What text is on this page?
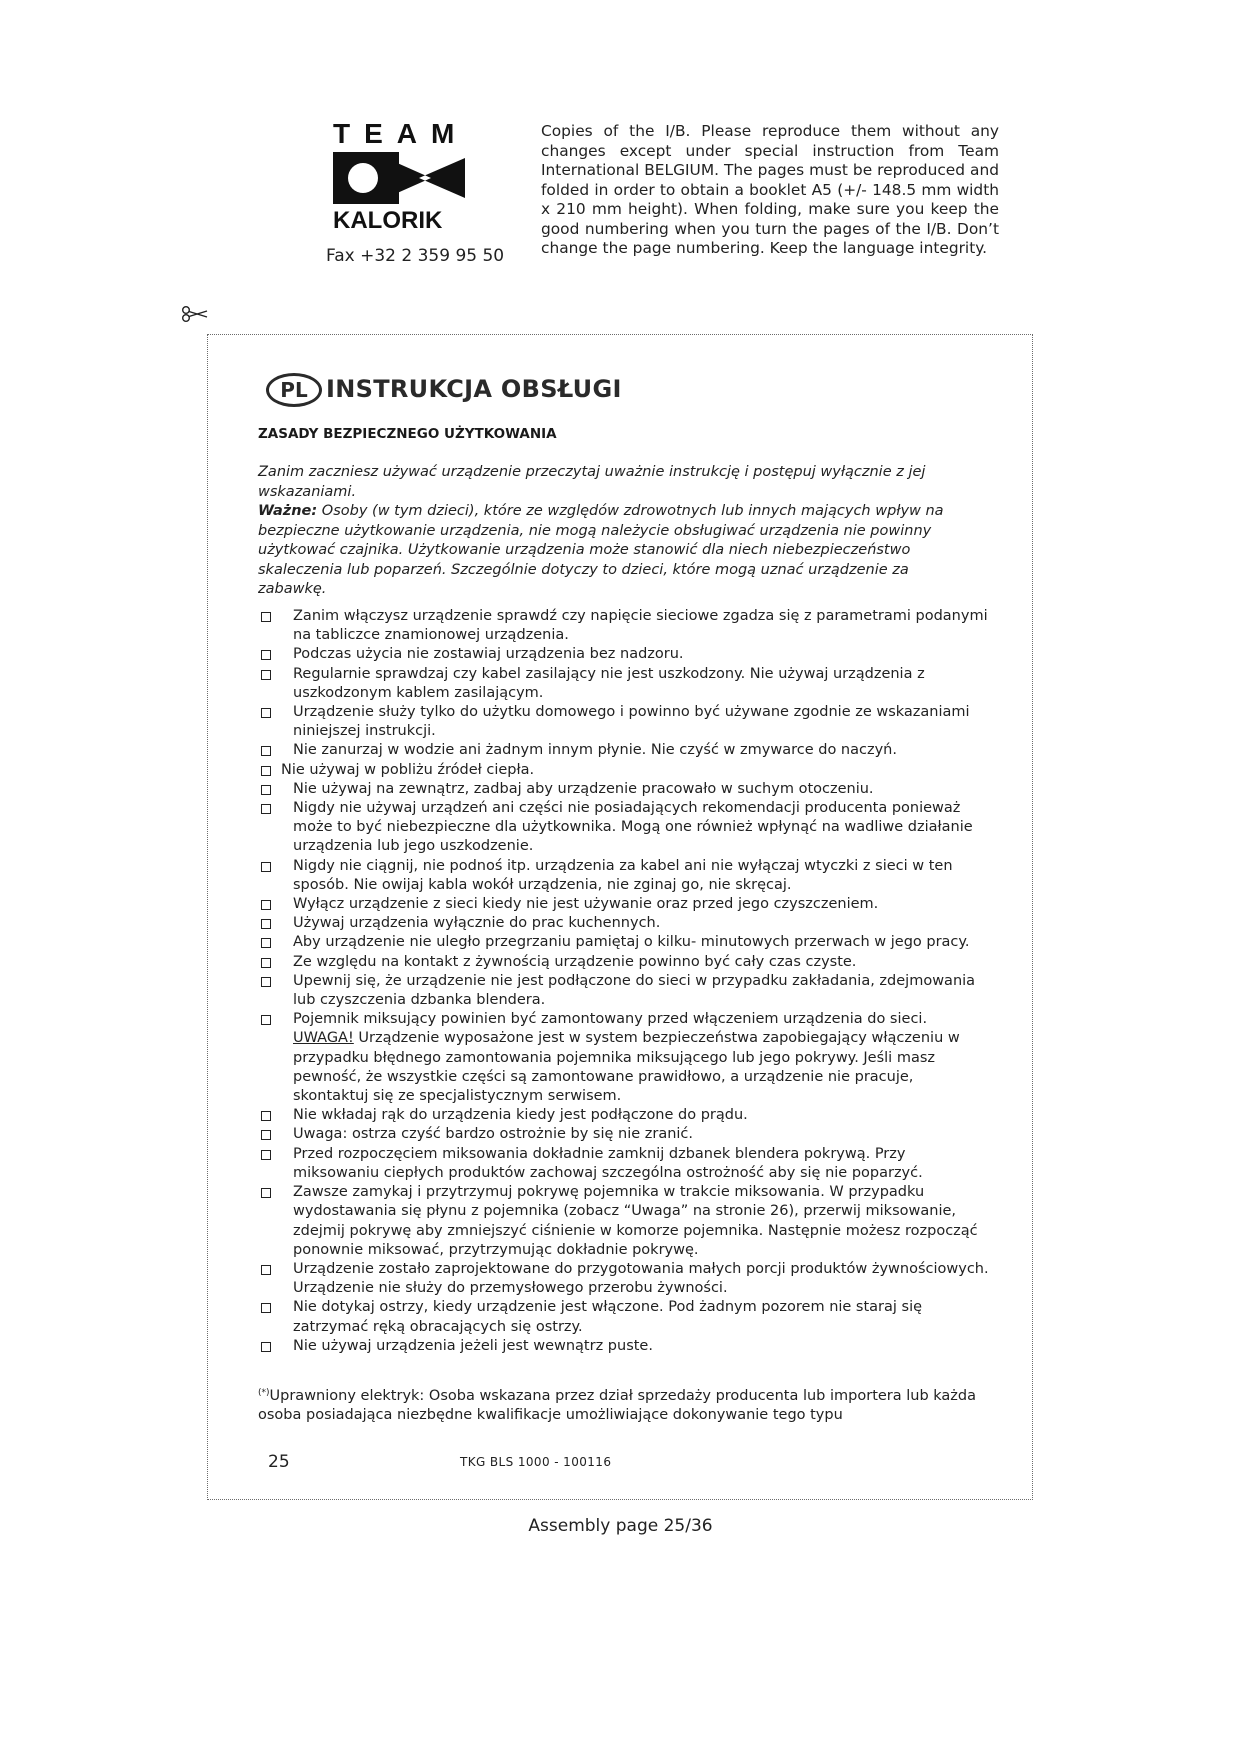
TEAM
KALORIK
Fax +32 2 359 95 50
Copies of the I/B. Please reproduce them without any changes except under special instruction from Team International BELGIUM. The pages must be reproduced and folded in order to obtain a booklet A5 (+/- 148.5 mm width x 210 mm height). When folding, make sure you keep the good numbering when you turn the pages of the I/B. Don’t change the page numbering. Keep the language integrity.
PL INSTRUKCJA OBSŁUGI
ZASADY BEZPIECZNEGO UŻYTKOWANIA

Zanim zaczniesz używać urządzenie przeczytaj uważnie instrukcję i postępuj wyłącznie z jej wskazaniami.

Ważne: Osoby (w tym dzieci), które ze względów zdrowotnych lub innych mających wpływ na bezpieczne użytkowanie urządzenia, nie mogą należycie obsługiwać urządzenia nie powinny użytkować czajnika. Użytkowanie urządzenia może stanowić dla niech niebezpieczeństwo skaleczenia lub poparzeń. Szczególnie dotyczy to dzieci, które mogą uznać urządzenie za zabawkę.

Zanim włączysz urządzenie sprawdź czy napięcie sieciowe zgadza się z parametrami podanymi na tabliczce znamionowej urządzenia.
Podczas użycia nie zostawiaj urządzenia bez nadzoru.
Regularnie sprawdzaj czy kabel zasilający nie jest uszkodzony. Nie używaj urządzenia z uszkodzonym kablem zasilającym.
Urządzenie służy tylko do użytku domowego i powinno być używane zgodnie ze wskazaniami niniejszej instrukcji.
Nie zanurzaj w wodzie ani żadnym innym płynie. Nie czyść w zmywarce do naczyń.
Nie używaj w pobliżu źródeł ciepła.
Nie używaj na zewnątrz, zadbaj aby urządzenie pracowało w suchym otoczeniu.
Nigdy nie używaj urządzeń ani części nie posiadających rekomendacji producenta ponieważ może to być niebezpieczne dla użytkownika. Mogą one również wpłynąć na wadliwe działanie urządzenia lub jego uszkodzenie.
Nigdy nie ciągnij, nie podnoś itp. urządzenia za kabel ani nie wyłączaj wtyczki z sieci w ten sposób. Nie owijaj kabla wokół urządzenia, nie zginaj go, nie skręcaj.
Wyłącz urządzenie z sieci kiedy nie jest używanie oraz przed jego czyszczeniem.
Używaj urządzenia wyłącznie do prac kuchennych.
Aby urządzenie nie uległo przegrzaniu pamiętaj o kilku- minutowych przerwach w jego pracy.
Ze względu na kontakt z żywnością urządzenie powinno być cały czas czyste.
Upewnij się, że urządzenie nie jest podłączone do sieci w przypadku zakładania, zdejmowania lub czyszczenia dzbanka blendera.
Pojemnik miksujący powinien być zamontowany przed włączeniem urządzenia do sieci. UWAGA! Urządzenie wyposażone jest w system bezpieczeństwa zapobiegający włączeniu w przypadku błędnego zamontowania pojemnika miksującego lub jego pokrywy. Jeśli masz pewność, że wszystkie części są zamontowane prawidłowo, a urządzenie nie pracuje, skontaktuj się ze specjalistycznym serwisem.
Nie wkładaj rąk do urządzenia kiedy jest podłączone do prądu.
Uwaga: ostrza czyść bardzo ostrożnie by się nie zranić.
Przed rozpoczęciem miksowania dokładnie zamknij dzbanek blendera pokrywą. Przy miksowaniu ciepłych produktów zachowaj szczególna ostrożność aby się nie poparzyć.
Zawsze zamykaj i przytrzymuj pokrywę pojemnika w trakcie miksowania. W przypadku wydostawania się płynu z pojemnika (zobacz “Uwaga” na stronie 26), przerwij miksowanie, zdejmij pokrywę aby zmniejszyć ciśnienie w komorze pojemnika. Następnie możesz rozpocząć ponownie miksować, przytrzymując dokładnie pokrywę.
Urządzenie zostało zaprojektowane do przygotowania małych porcji produktów żywnościowych. Urządzenie nie służy do przemysłowego przerobu żywności.
Nie dotykaj ostrzy, kiedy urządzenie jest włączone. Pod żadnym pozorem nie staraj się zatrzymać ręką obracających się ostrzy.
Nie używaj urządzenia jeżeli jest wewnątrz puste.
(*)Uprawniony elektryk: Osoba wskazana przez dział sprzedaży producenta lub importera lub każda osoba posiadająca niezbędne kwalifikacje umożliwiające dokonywanie tego typu
25	TKG BLS 1000 - 100116
Assembly page 25/36
